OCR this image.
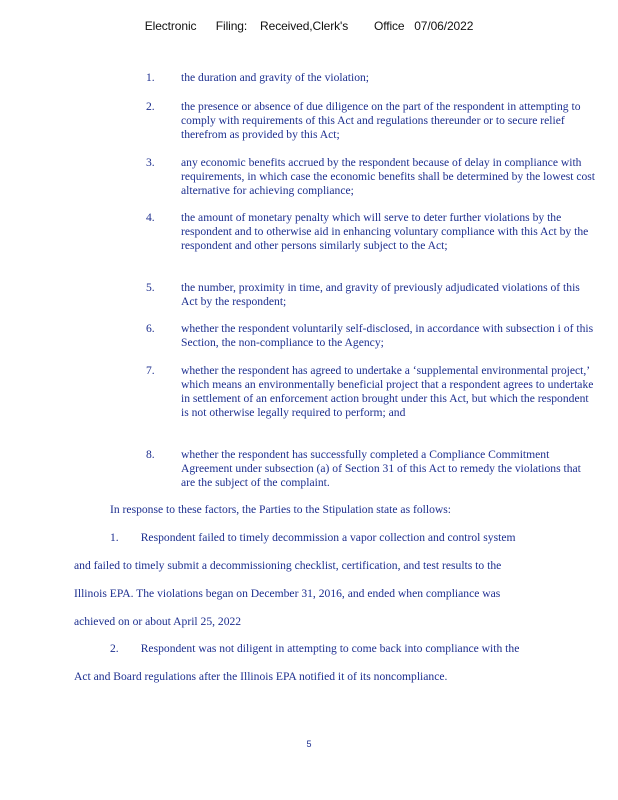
Electronic      Filing:    Received,Clerk's        Office   07/06/2022
1. the duration and gravity of the violation;
2. the presence or absence of due diligence on the part of the respondent in attempting to comply with requirements of this Act and regulations thereunder or to secure relief therefrom as provided by this Act;
3. any economic benefits accrued by the respondent because of delay in compliance with requirements, in which case the economic benefits shall be determined by the lowest cost alternative for achieving compliance;
4. the amount of monetary penalty which will serve to deter further violations by the respondent and to otherwise aid in enhancing voluntary compliance with this Act by the respondent and other persons similarly subject to the Act;
5. the number, proximity in time, and gravity of previously adjudicated violations of this Act by the respondent;
6. whether the respondent voluntarily self-disclosed, in accordance with subsection i of this Section, the non-compliance to the Agency;
7. whether the respondent has agreed to undertake a ‘supplemental environmental project,’ which means an environmentally beneficial project that a respondent agrees to undertake in settlement of an enforcement action brought under this Act, but which the respondent is not otherwise legally required to perform; and
8. whether the respondent has successfully completed a Compliance Commitment Agreement under subsection (a) of Section 31 of this Act to remedy the violations that are the subject of the complaint.
In response to these factors, the Parties to the Stipulation state as follows:
1. Respondent failed to timely decommission a vapor collection and control system
and failed to timely submit a decommissioning checklist, certification, and test results to the
Illinois EPA. The violations began on December 31, 2016, and ended when compliance was
achieved on or about April 25, 2022
2. Respondent was not diligent in attempting to come back into compliance with the
Act and Board regulations after the Illinois EPA notified it of its noncompliance.
5
